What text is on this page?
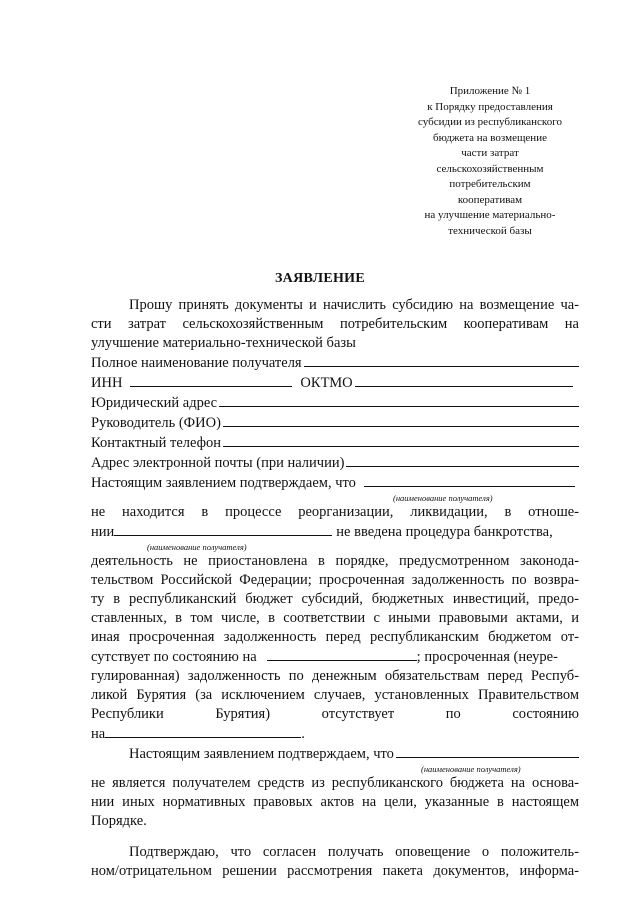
Приложение № 1
к Порядку предоставления
субсидии из республиканского
бюджета на возмещение
части затрат
сельскохозяйственным
потребительским
кооперативам
на улучшение материально-
технической базы
ЗАЯВЛЕНИЕ
Прошу принять документы и начислить субсидию на возмещение ча-
сти затрат сельскохозяйственным потребительским кооперативам на
улучшение материально-технической базы
Полное наименование получателя
ИНН	ОКТМО
Юридический адрес
Руководитель (ФИО)
Контактный телефон
Адрес электронной почты (при наличии)
Настоящим заявлением подтверждаем, что
(наименование получателя)
не находится в процессе реорганизации, ликвидации, в отноше-
нии	не введена процедура банкротства,
(наименование получателя)
деятельность не приостановлена в порядке, предусмотренном законода-
тельством Российской Федерации; просроченная задолженность по возвра-
ту в республиканский бюджет субсидий, бюджетных инвестиций, предо-
ставленных, в том числе, в соответствии с иными правовыми актами, и
иная просроченная задолженность перед республиканским бюджетом от-
сутствует по состоянию на	; просроченная (неуре-
гулированная) задолженность по денежным обязательствам перед Респуб-
ликой Бурятия (за исключением случаев, установленных Правительством
Республики Бурятия) отсутствует по состоянию
на	.
Настоящим заявлением подтверждаем, что
(наименование получателя)
не является получателем средств из республиканского бюджета на основа-
нии иных нормативных правовых актов на цели, указанные в настоящем
Порядке.
Подтверждаю, что согласен получать оповещение о положитель-
ном/отрицательном решении рассмотрения пакета документов, информа-
